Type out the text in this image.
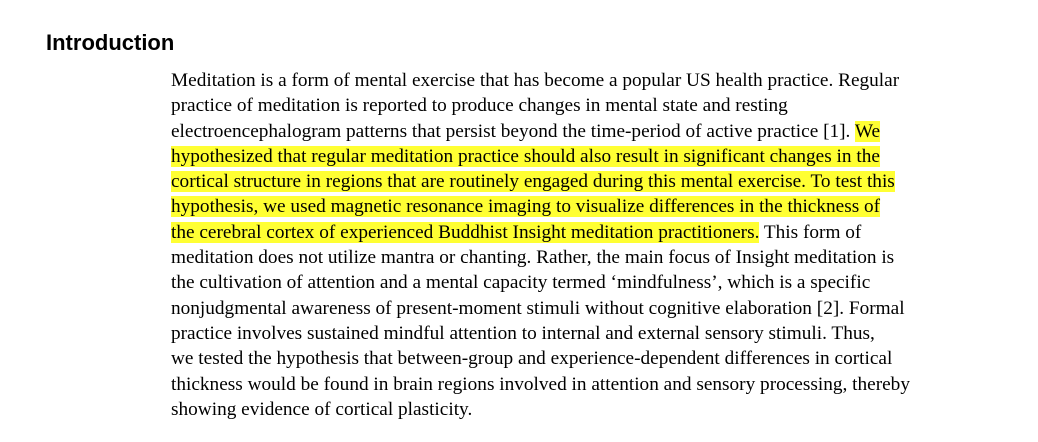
Introduction
Meditation is a form of mental exercise that has become a popular US health practice. Regular
practice of meditation is reported to produce changes in mental state and resting
electroencephalogram patterns that persist beyond the time-period of active practice [1]. We
hypothesized that regular meditation practice should also result in significant changes in the
cortical structure in regions that are routinely engaged during this mental exercise. To test this
hypothesis, we used magnetic resonance imaging to visualize differences in the thickness of
the cerebral cortex of experienced Buddhist Insight meditation practitioners. This form of
meditation does not utilize mantra or chanting. Rather, the main focus of Insight meditation is
the cultivation of attention and a mental capacity termed ‘mindfulness’, which is a specific
nonjudgmental awareness of present-moment stimuli without cognitive elaboration [2]. Formal
practice involves sustained mindful attention to internal and external sensory stimuli. Thus,
we tested the hypothesis that between-group and experience-dependent differences in cortical
thickness would be found in brain regions involved in attention and sensory processing, thereby
showing evidence of cortical plasticity.
